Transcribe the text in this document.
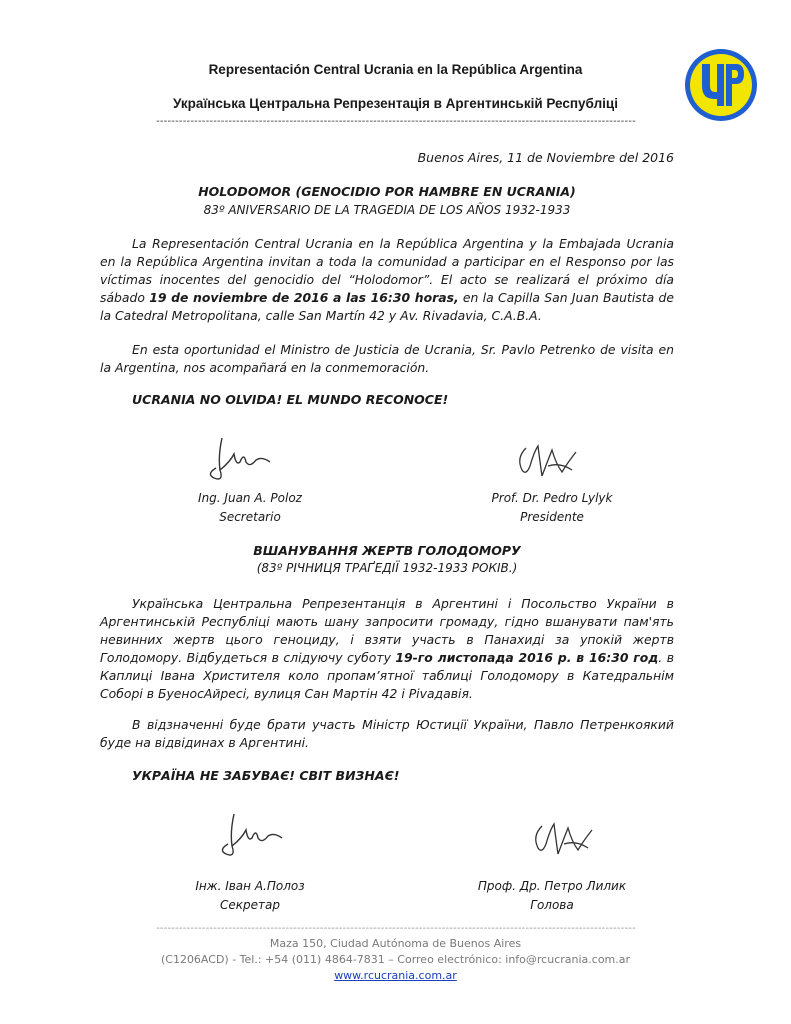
Representación Central Ucrania en la República Argentina
Українська Центральна Репрезентація в Аргентинській Республіці
------------------------------------------------------------------------------------------------------------------------------
Buenos Aires, 11 de Noviembre del 2016
HOLODOMOR (GENOCIDIO POR HAMBRE EN UCRANIA)
83º ANIVERSARIO DE LA TRAGEDIA DE LOS AÑOS 1932-1933
La Representación Central Ucrania en la República Argentina y la Embajada Ucrania en la República Argentina invitan a toda la comunidad a participar en el Responso por las víctimas inocentes del genocidio del “Holodomor”. El acto se realizará el próximo día sábado 19 de noviembre de 2016 a las 16:30 horas, en la Capilla San Juan Bautista de la Catedral Metropolitana, calle San Martín 42 y Av. Rivadavia, C.A.B.A.
En esta oportunidad el Ministro de Justicia de Ucrania, Sr. Pavlo Petrenko de visita en la Argentina, nos acompañará en la conmemoración.
UCRANIA NO OLVIDA! EL MUNDO RECONOCE!
Ing. Juan A. Poloz
Secretario
Prof. Dr. Pedro Lylyk
Presidente
ВШАНУВАННЯ ЖЕРТВ ГОЛОДОМОРУ
(83º РІЧНИЦЯ ТРАҐЕДІЇ 1932-1933 РОКІВ.)
Українська Центральна Репрезентанція в Аргентині і Посольство України в Аргентинській Республіці мають шану запросити громаду, гідно вшанувати пам'ять невинних жертв цього геноциду, і взяти участь в Панахиді за упокій жертв Голодомору. Відбудеться в слідуючу суботу 19-го листопада 2016 р. в 16:30 год. в Каплиці Івана Христителя коло пропам’ятної таблиці Голодомору в Катедральнім Соборі в БуеносАйресі, вулиця Сан Мартін 42 і Ріvадавія.
В відзначенні буде брати участь Міністр Юстиції України, Павло Петренкоякий буде на відвідинах в Аргентині.
УКРАЇНА НЕ ЗАБУВАЄ! СВІТ ВИЗНАЄ!
Інж. Іван А.Полоз
Секретар
Проф. Др. Петро Лилик
Голова
------------------------------------------------------------------------------------------------------------------------------
Maza 150, Ciudad Autónoma de Buenos Aires
(C1206ACD) - Tel.: +54 (011) 4864-7831 – Correo electrónico: info@rcucrania.com.ar
www.rcucrania.com.ar
